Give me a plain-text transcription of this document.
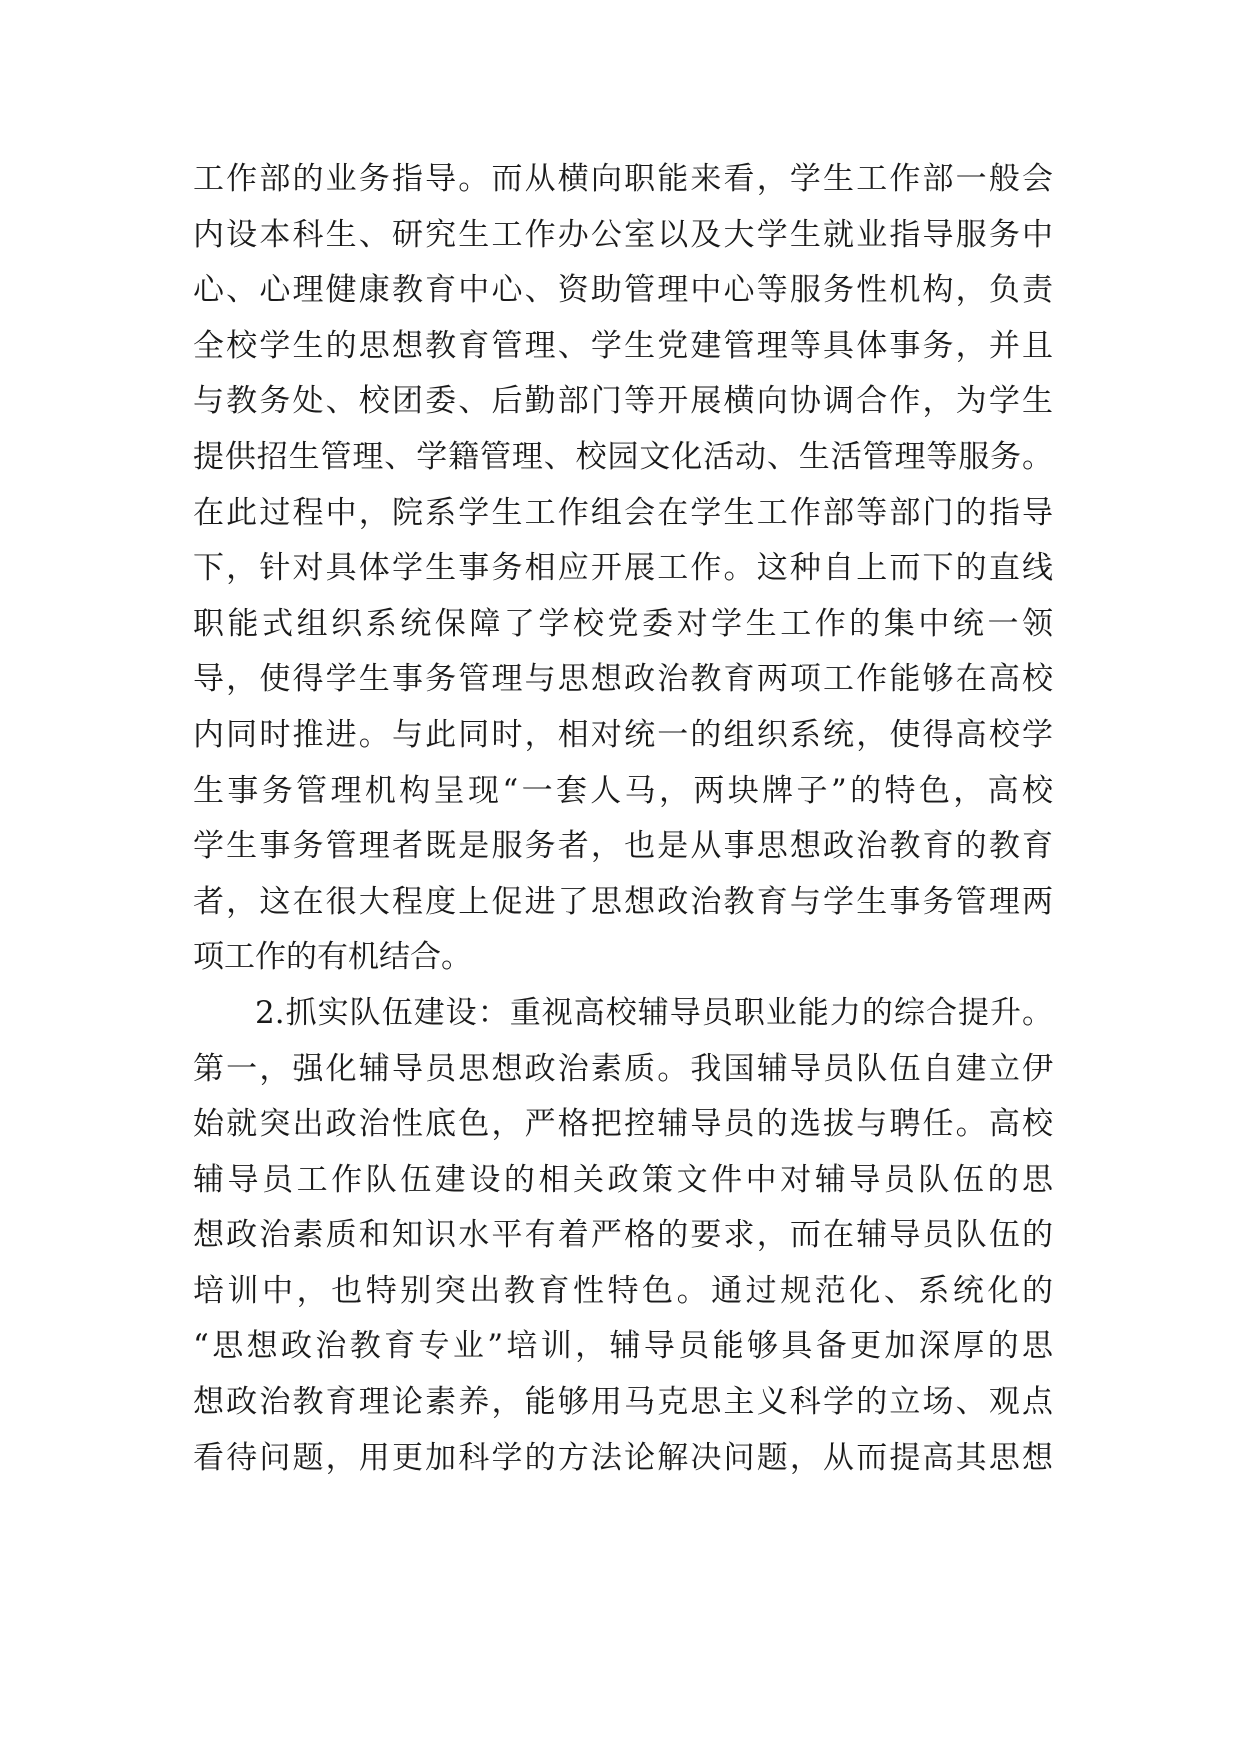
工作部的业务指导。而从横向职能来看，学生工作部一般会
内设本科生、研究生工作办公室以及大学生就业指导服务中
心、心理健康教育中心、资助管理中心等服务性机构，负责
全校学生的思想教育管理、学生党建管理等具体事务，并且
与教务处、校团委、后勤部门等开展横向协调合作，为学生
提供招生管理、学籍管理、校园文化活动、生活管理等服务。
在此过程中，院系学生工作组会在学生工作部等部门的指导
下，针对具体学生事务相应开展工作。这种自上而下的直线
职能式组织系统保障了学校党委对学生工作的集中统一领
导，使得学生事务管理与思想政治教育两项工作能够在高校
内同时推进。与此同时，相对统一的组织系统，使得高校学
生事务管理机构呈现“一套人马，两块牌子”的特色，高校
学生事务管理者既是服务者，也是从事思想政治教育的教育
者，这在很大程度上促进了思想政治教育与学生事务管理两
项工作的有机结合。
2.抓实队伍建设：重视高校辅导员职业能力的综合提升。
第一，强化辅导员思想政治素质。我国辅导员队伍自建立伊
始就突出政治性底色，严格把控辅导员的选拔与聘任。高校
辅导员工作队伍建设的相关政策文件中对辅导员队伍的思
想政治素质和知识水平有着严格的要求，而在辅导员队伍的
培训中，也特别突出教育性特色。通过规范化、系统化的
“思想政治教育专业”培训，辅导员能够具备更加深厚的思
想政治教育理论素养，能够用马克思主义科学的立场、观点
看待问题，用更加科学的方法论解决问题，从而提高其思想
